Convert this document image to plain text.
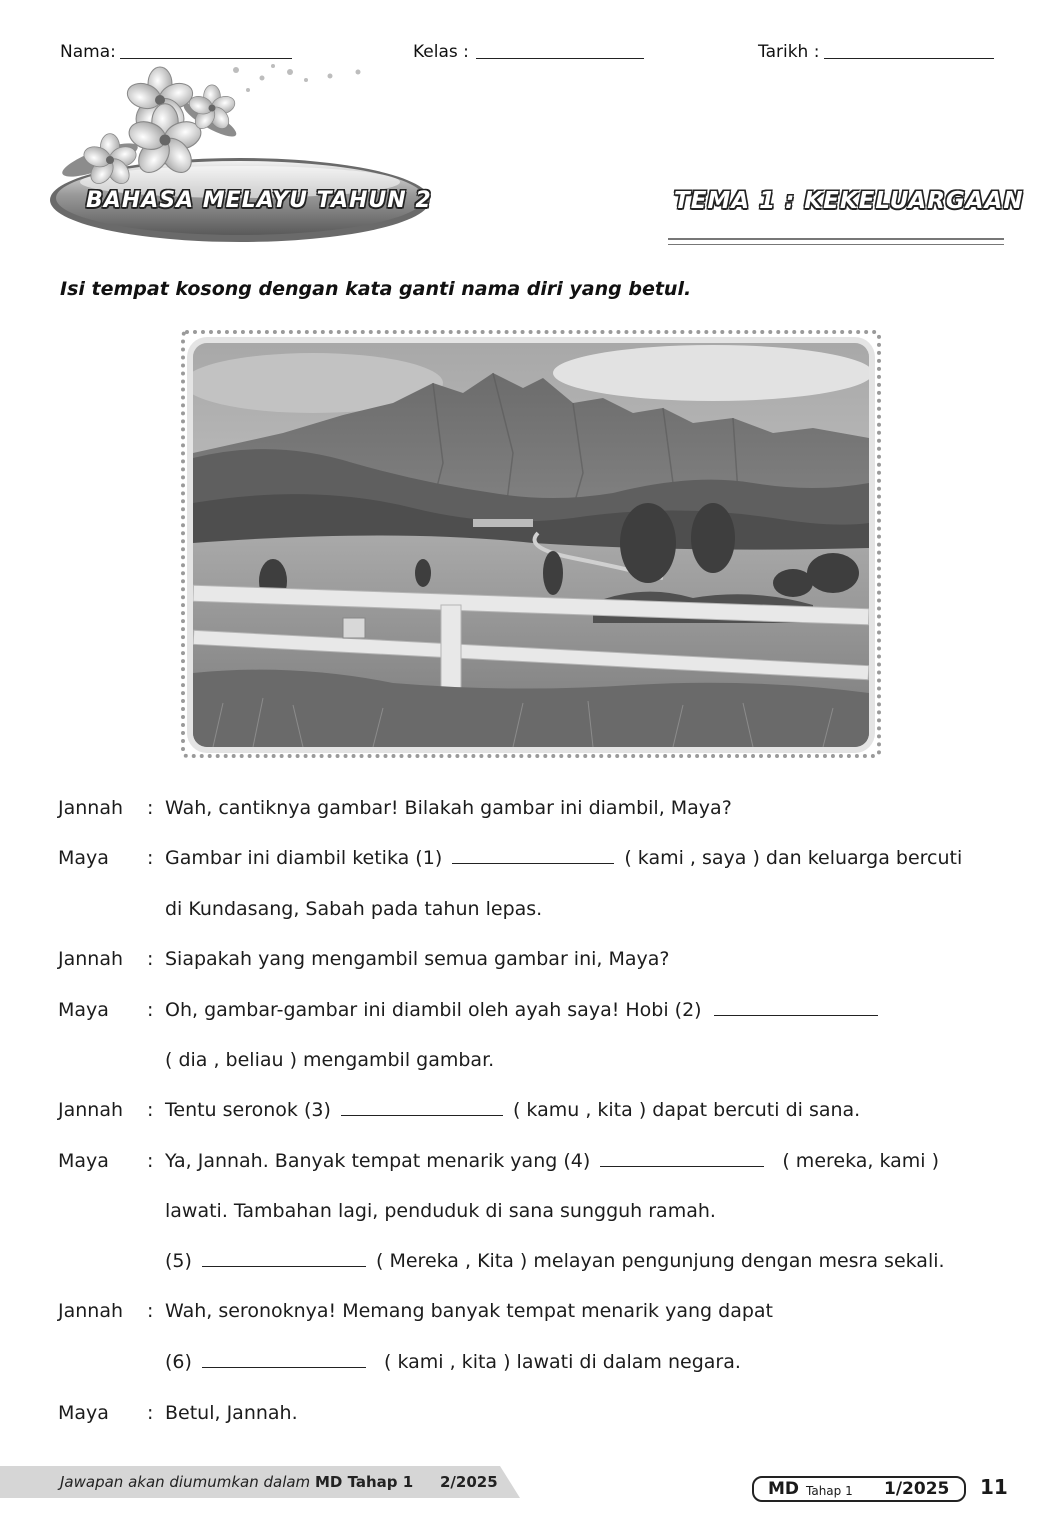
Nama:	Kelas :	Tarikh :
BAHASA MELAYU TAHUN 2	TEMA 1 : KEKELUARGAAN
Isi tempat kosong dengan kata ganti nama diri yang betul.
Jannah : Wah, cantiknya gambar! Bilakah gambar ini diambil, Maya?
Maya : Gambar ini diambil ketika (1)	( kami , saya ) dan keluarga bercuti
di Kundasang, Sabah pada tahun lepas.
Jannah : Siapakah yang mengambil semua gambar ini, Maya?
Maya : Oh, gambar-gambar ini diambil oleh ayah saya! Hobi (2)
( dia , beliau ) mengambil gambar.
Jannah : Tentu seronok (3)	( kamu , kita ) dapat bercuti di sana.
Maya : Ya, Jannah. Banyak tempat menarik yang (4)	( mereka, kami )
lawati. Tambahan lagi, penduduk di sana sungguh ramah.
(5)	( Mereka , Kita ) melayan pengunjung dengan mesra sekali.
Jannah : Wah, seronoknya! Memang banyak tempat menarik yang dapat
(6)	( kami , kita ) lawati di dalam negara.
Maya : Betul, Jannah.
Jawapan akan diumumkan dalam MD Tahap 1 2/2025	MD Tahap 1 1/2025 11
